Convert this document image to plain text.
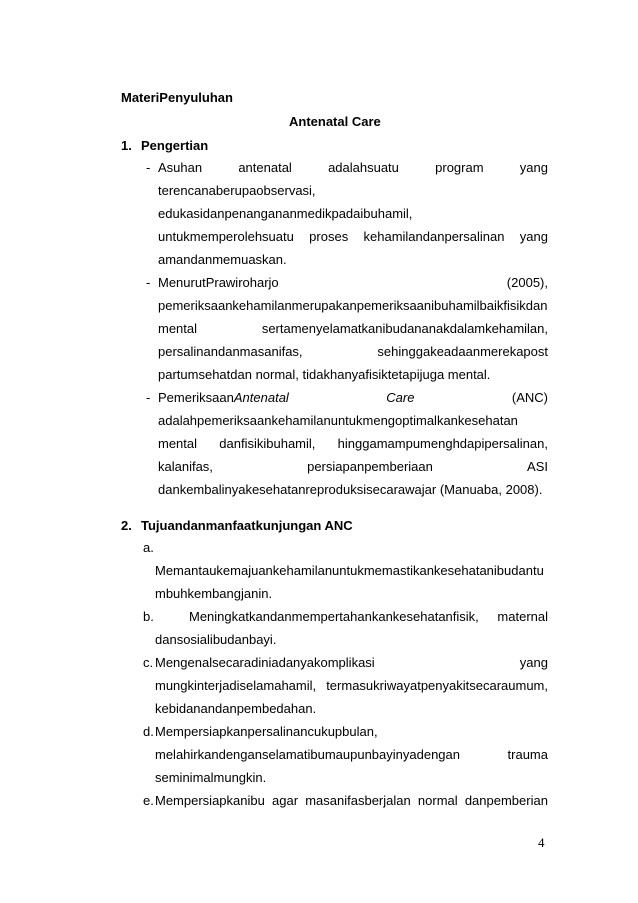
MateriPenyuluhan
Antenatal Care
1. Pengertian
- Asuhan	antenatal	adalahsuatu	program	yang
terencanaberupaobservasi,
edukasidanpenangananmedikpadaibuhamil,
untukmemperolehsuatu proses kehamilandanpersalinan yang
amandanmemuaskan.
- MenurutPrawiroharjo	(2005),
pemeriksaankehamilanmerupakanpemeriksaanibuhamilbaikfisikdan
mental	sertamenyelamatkanibudananakdalamkehamilan,
persalinandanmasanifas,	sehinggakeadaanmerekapost
partumsehatdan normal, tidakhanyafisiktetapijuga mental.
- PemeriksaanAntenatal	Care	(ANC)
adalahpemeriksaankehamilanuntukmengoptimalkankesehatan
mental danfisikibuhamil, hinggamampumenghdapipersalinan,
kalanifas,	persiapanpemberiaan	ASI
dankembalinyakesehatanreproduksisecarawajar (Manuaba, 2008).
2. Tujuandanmanfaatkunjungan ANC
a.
Memantaukemajuankehamilanuntukmemastikankesehatanibudantu
mbuhkembangjanin.
b.	Meningkatkandanmempertahankankesehatanfisik, maternal
dansosialibudanbayi.
c. Mengenalsecaradiniadanyakomplikasi	yang
mungkinterjadiselamahamil, termasukriwayatpenyakitsecaraumum,
kebidanandanpembedahan.
d. Mempersiapkanpersalinancukupbulan,
melahirkandenganselamatibumaupunbayinyadengan	trauma
seminimalmungkin.
e. Mempersiapkanibu agar masanifasberjalan normal danpemberian
4
